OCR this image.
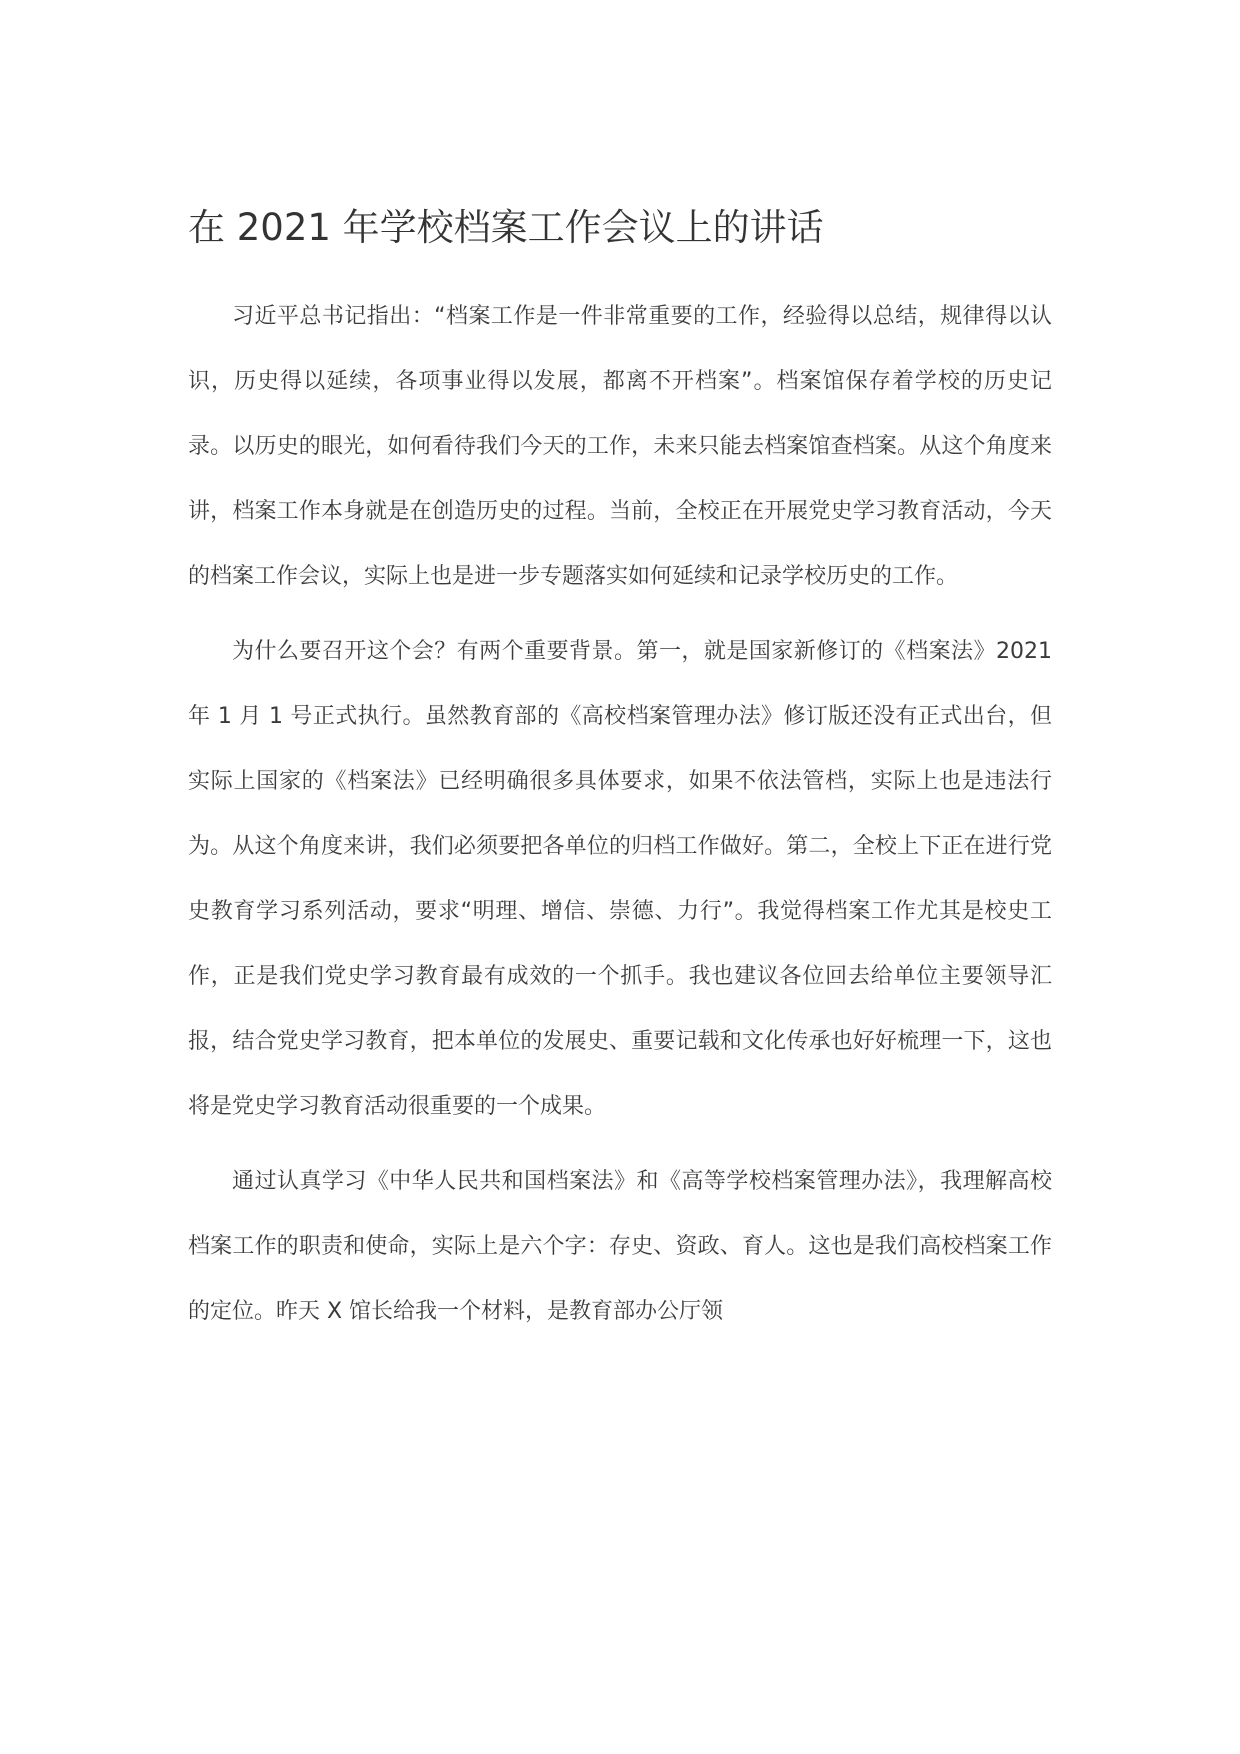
在 2021 年学校档案工作会议上的讲话

习近平总书记指出：“档案工作是一件非常重要的工作，经验得以总结，规律得以认识，历史得以延续，各项事业得以发展，都离不开档案”。档案馆保存着学校的历史记录。以历史的眼光，如何看待我们今天的工作，未来只能去档案馆查档案。从这个角度来讲，档案工作本身就是在创造历史的过程。当前，全校正在开展党史学习教育活动，今天的档案工作会议，实际上也是进一步专题落实如何延续和记录学校历史的工作。

为什么要召开这个会？有两个重要背景。第一，就是国家新修订的《档案法》2021 年 1 月 1 号正式执行。虽然教育部的《高校档案管理办法》修订版还没有正式出台，但实际上国家的《档案法》已经明确很多具体要求，如果不依法管档，实际上也是违法行为。从这个角度来讲，我们必须要把各单位的归档工作做好。第二，全校上下正在进行党史教育学习系列活动，要求“明理、增信、崇德、力行”。我觉得档案工作尤其是校史工作，正是我们党史学习教育最有成效的一个抓手。我也建议各位回去给单位主要领导汇报，结合党史学习教育，把本单位的发展史、重要记载和文化传承也好好梳理一下，这也将是党史学习教育活动很重要的一个成果。

通过认真学习《中华人民共和国档案法》和《高等学校档案管理办法》，我理解高校档案工作的职责和使命，实际上是六个字：存史、资政、育人。这也是我们高校档案工作的定位。昨天 X 馆长给我一个材料，是教育部办公厅领
